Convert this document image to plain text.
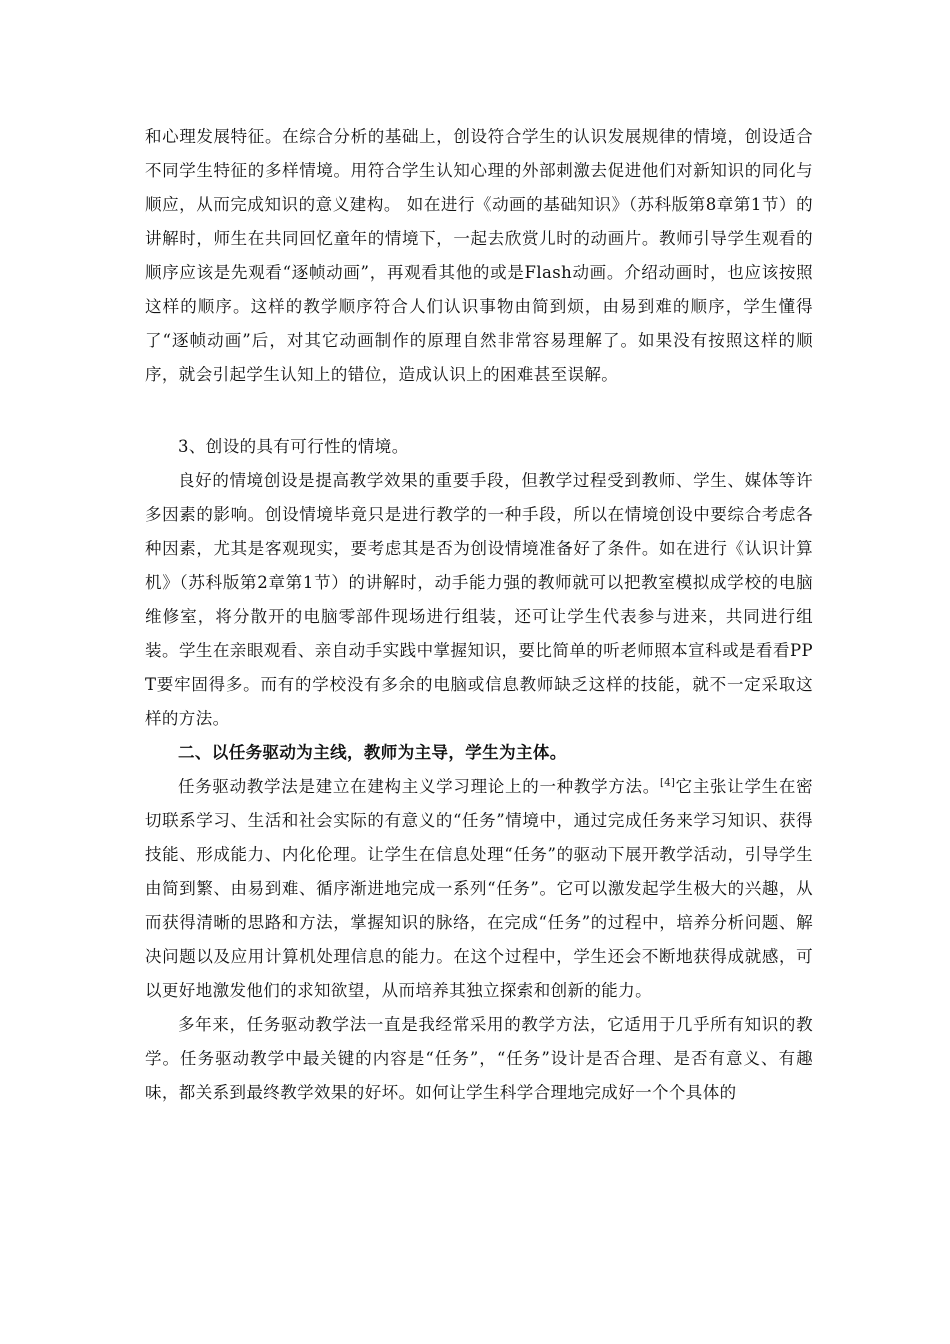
和心理发展特征。在综合分析的基础上，创设符合学生的认识发展规律的情境，创设适合不同学生特征的多样情境。用符合学生认知心理的外部刺激去促进他们对新知识的同化与顺应，从而完成知识的意义建构。 如在进行《动画的基础知识》（苏科版第8章第1节）的讲解时，师生在共同回忆童年的情境下，一起去欣赏儿时的动画片。教师引导学生观看的顺序应该是先观看“逐帧动画”，再观看其他的或是Flash动画。介绍动画时，也应该按照这样的顺序。这样的教学顺序符合人们认识事物由简到烦，由易到难的顺序，学生懂得了“逐帧动画”后，对其它动画制作的原理自然非常容易理解了。如果没有按照这样的顺序，就会引起学生认知上的错位，造成认识上的困难甚至误解。

3、创设的具有可行性的情境。

良好的情境创设是提高教学效果的重要手段，但教学过程受到教师、学生、媒体等许多因素的影响。创设情境毕竟只是进行教学的一种手段，所以在情境创设中要综合考虑各种因素，尤其是客观现实，要考虑其是否为创设情境准备好了条件。如在进行《认识计算机》（苏科版第2章第1节）的讲解时，动手能力强的教师就可以把教室模拟成学校的电脑维修室，将分散开的电脑零部件现场进行组装，还可让学生代表参与进来，共同进行组装。学生在亲眼观看、亲自动手实践中掌握知识，要比简单的听老师照本宣科或是看看PPT要牢固得多。而有的学校没有多余的电脑或信息教师缺乏这样的技能，就不一定采取这样的方法。

二、以任务驱动为主线，教师为主导，学生为主体。

任务驱动教学法是建立在建构主义学习理论上的一种教学方法。[4]它主张让学生在密切联系学习、生活和社会实际的有意义的“任务”情境中，通过完成任务来学习知识、获得技能、形成能力、内化伦理。让学生在信息处理“任务”的驱动下展开教学活动，引导学生由简到繁、由易到难、循序渐进地完成一系列“任务”。它可以激发起学生极大的兴趣，从而获得清晰的思路和方法，掌握知识的脉络，在完成“任务”的过程中，培养分析问题、解决问题以及应用计算机处理信息的能力。在这个过程中，学生还会不断地获得成就感，可以更好地激发他们的求知欲望，从而培养其独立探索和创新的能力。

多年来，任务驱动教学法一直是我经常采用的教学方法，它适用于几乎所有知识的教学。任务驱动教学中最关键的内容是“任务”，“任务”设计是否合理、是否有意义、有趣味，都关系到最终教学效果的好坏。如何让学生科学合理地完成好一个个具体的
